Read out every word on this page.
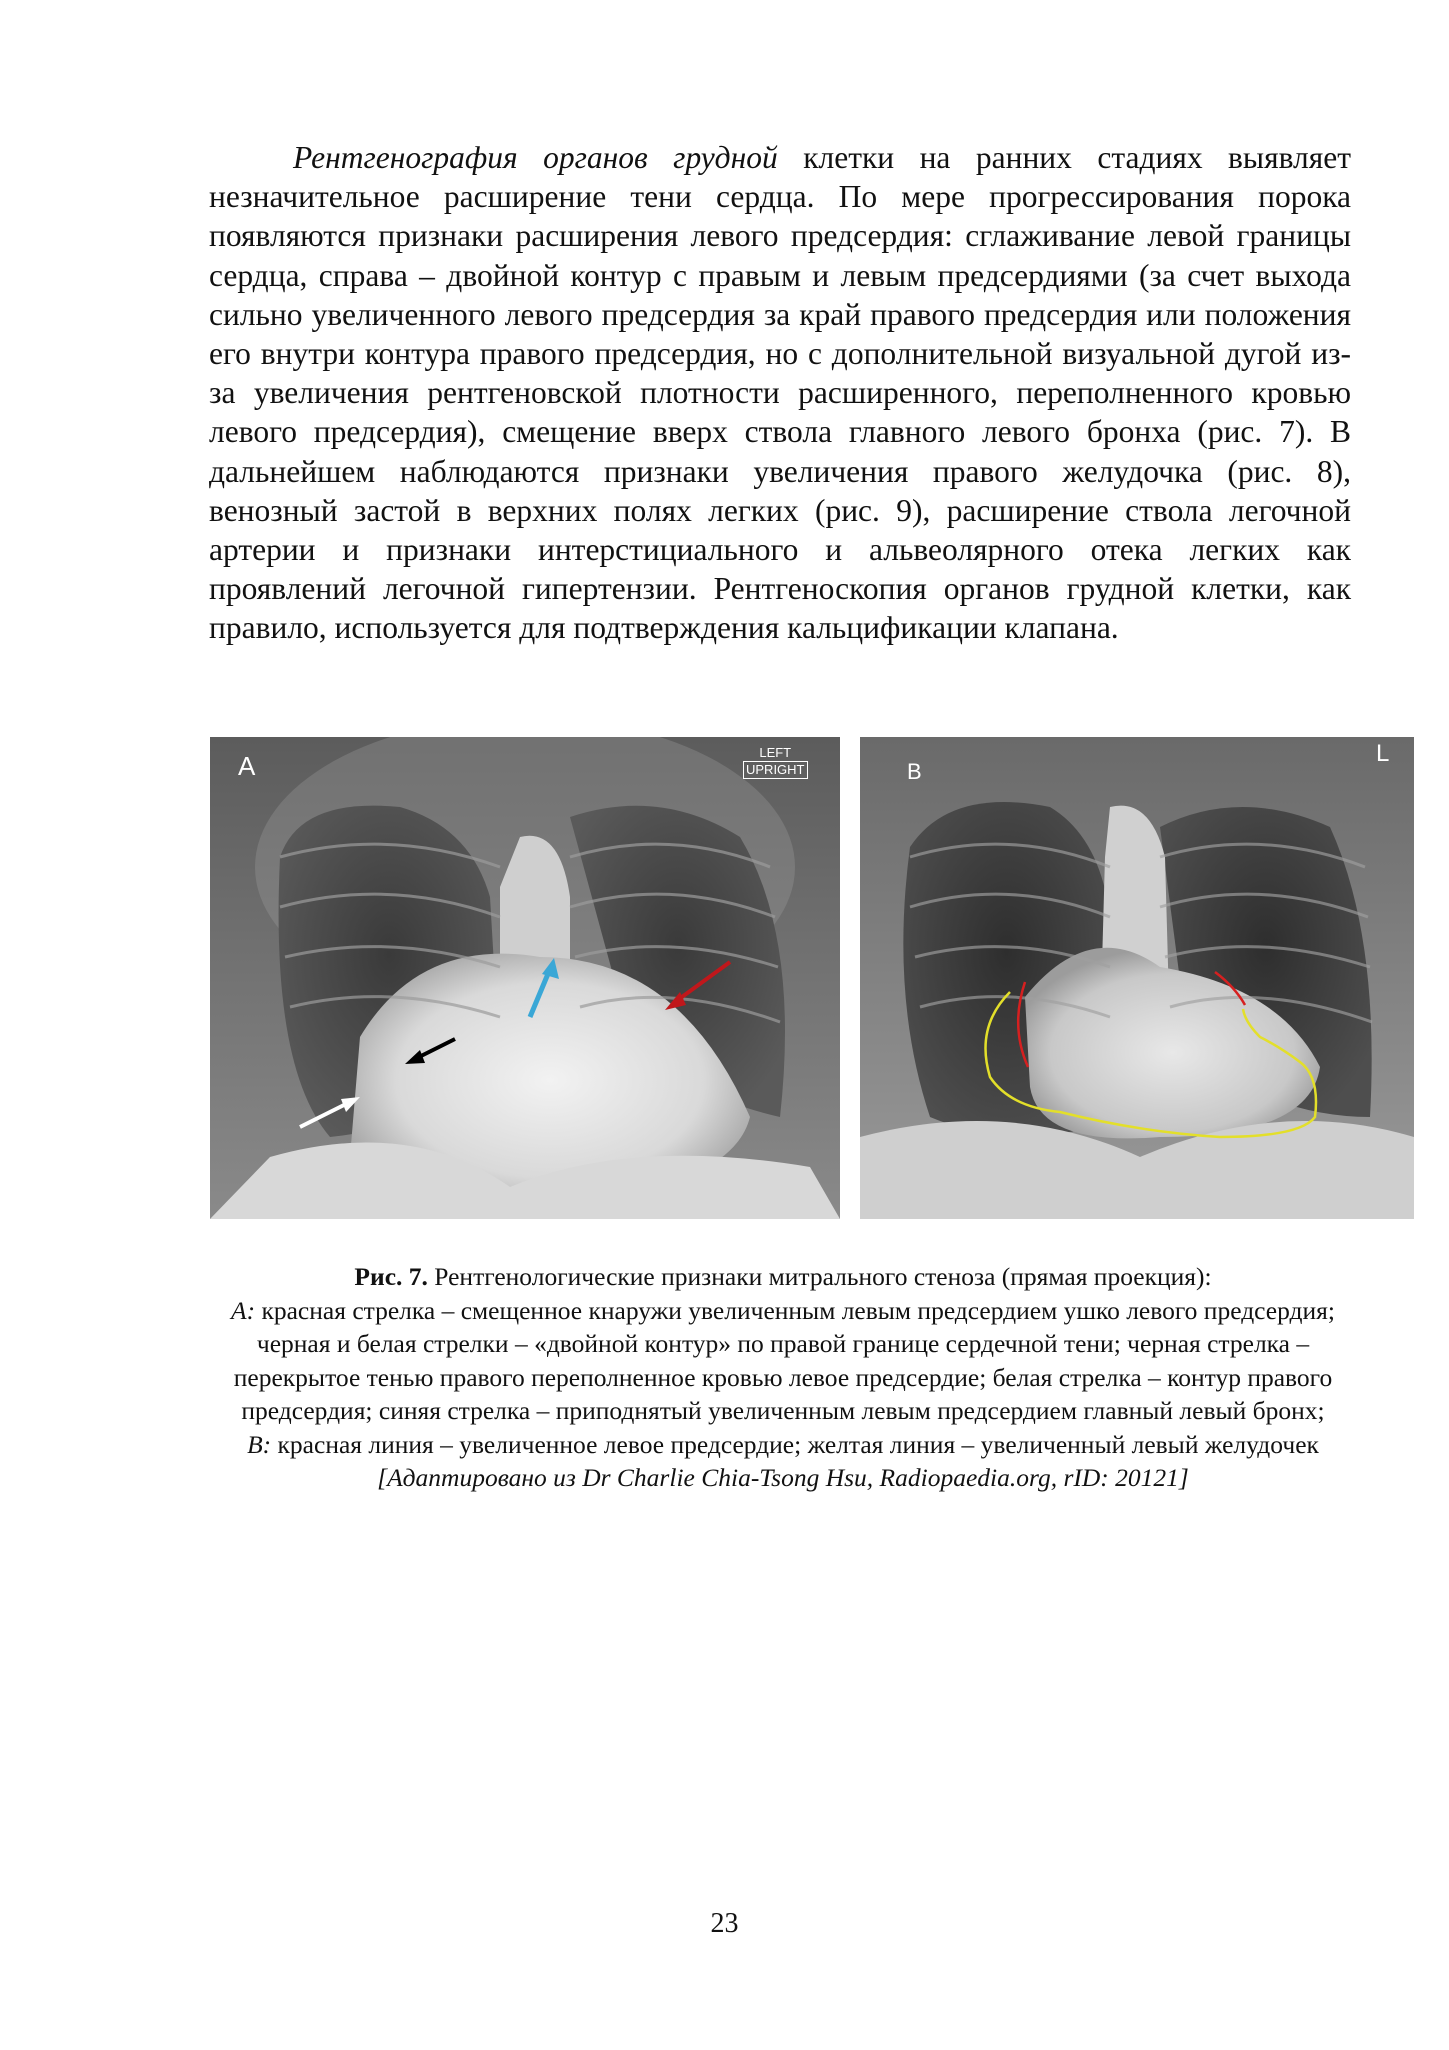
Рентгенография органов грудной клетки на ранних стадиях выявляет незначительное расширение тени сердца. По мере прогрессирования порока появляются признаки расширения левого предсердия: сглаживание левой границы сердца, справа – двойной контур с правым и левым предсердиями (за счет выхода сильно увеличенного левого предсердия за край правого предсердия или положения его внутри контура правого предсердия, но с дополнительной визуальной дугой из-за увеличения рентгеновской плотности расширенного, переполненного кровью левого предсердия), смещение вверх ствола главного левого бронха (рис. 7). В дальнейшем наблюдаются признаки увеличения правого желудочка (рис. 8), венозный застой в верхних полях легких (рис. 9), расширение ствола легочной артерии и признаки интерстициального и альвеолярного отека легких как проявлений легочной гипертензии. Рентгеноскопия органов грудной клетки, как правило, используется для подтверждения кальцификации клапана.

A	LEFT
UPRIGHT	B
L

Рис. 7. Рентгенологические признаки митрального стеноза (прямая проекция):

А: красная стрелка – смещенное кнаружи увеличенным левым предсердием ушко левого предсердия; черная и белая стрелки – «двойной контур» по правой границе сердечной тени; черная стрелка – перекрытое тенью правого переполненное кровью левое предсердие; белая стрелка – контур правого предсердия; синяя стрелка – приподнятый увеличенным левым предсердием главный левый бронх;

B: красная линия – увеличенное левое предсердие; желтая линия – увеличенный левый желудочек

[Адаптировано из Dr Charlie Chia-Tsong Hsu, Radiopaedia.org, rID: 20121]

23
